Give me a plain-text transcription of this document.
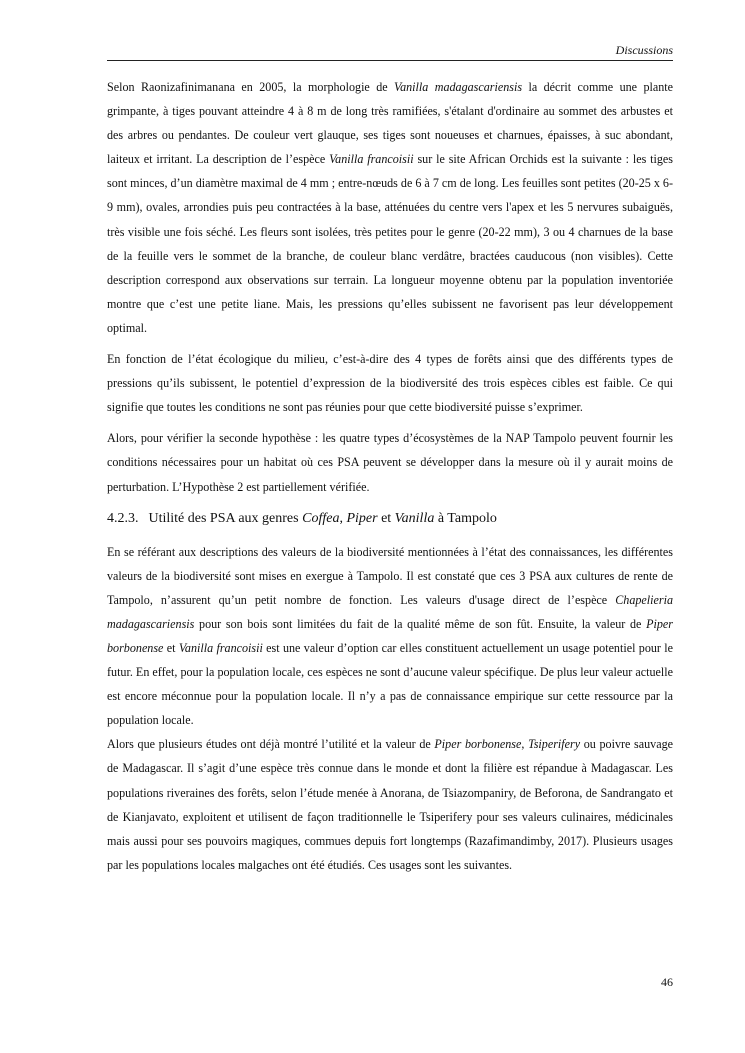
Discussions

Selon Raonizafinimanana en 2005, la morphologie de Vanilla madagascariensis la décrit comme une plante grimpante, à tiges pouvant atteindre 4 à 8 m de long très ramifiées, s'étalant d'ordinaire au sommet des arbustes et des arbres ou pendantes. De couleur vert glauque, ses tiges sont noueuses et charnues, épaisses, à suc abondant, laiteux et irritant. La description de l’espèce Vanilla francoisii sur le site African Orchids est la suivante : les tiges sont minces, d’un diamètre maximal de 4 mm ; entre-nœuds de 6 à 7 cm de long. Les feuilles sont petites (20-25 x 6-9 mm), ovales, arrondies puis peu contractées à la base, atténuées du centre vers l'apex et les 5 nervures subaiguës, très visible une fois séché. Les fleurs sont isolées, très petites pour le genre (20-22 mm), 3 ou 4 charnues de la base de la feuille vers le sommet de la branche, de couleur blanc verdâtre, bractées cauducous (non visibles). Cette description correspond aux observations sur terrain. La longueur moyenne obtenu par la population inventoriée montre que c’est une petite liane. Mais, les pressions qu’elles subissent ne favorisent pas leur développement optimal.

En fonction de l’état écologique du milieu, c’est-à-dire des 4 types de forêts ainsi que des différents types de pressions qu’ils subissent, le potentiel d’expression de la biodiversité des trois espèces cibles est faible. Ce qui signifie que toutes les conditions ne sont pas réunies pour que cette biodiversité puisse s’exprimer.

Alors, pour vérifier la seconde hypothèse : les quatre types d’écosystèmes de la NAP Tampolo peuvent fournir les conditions nécessaires pour un habitat où ces PSA peuvent se développer dans la mesure où il y aurait moins de perturbation. L’Hypothèse 2 est partiellement vérifiée.

4.2.3. Utilité des PSA aux genres Coffea, Piper et Vanilla à Tampolo

En se référant aux descriptions des valeurs de la biodiversité mentionnées à l’état des connaissances, les différentes valeurs de la biodiversité sont mises en exergue à Tampolo. Il est constaté que ces 3 PSA aux cultures de rente de Tampolo, n’assurent qu’un petit nombre de fonction. Les valeurs d'usage direct de l’espèce Chapelieria madagascariensis pour son bois sont limitées du fait de la qualité même de son fût. Ensuite, la valeur de Piper borbonense et Vanilla francoisii est une valeur d’option car elles constituent actuellement un usage potentiel pour le futur. En effet, pour la population locale, ces espèces ne sont d’aucune valeur spécifique. De plus leur valeur actuelle est encore méconnue pour la population locale. Il n’y a pas de connaissance empirique sur cette ressource par la population locale.

Alors que plusieurs études ont déjà montré l’utilité et la valeur de Piper borbonense, Tsiperifery ou poivre sauvage de Madagascar. Il s’agit d’une espèce très connue dans le monde et dont la filière est répandue à Madagascar. Les populations riveraines des forêts, selon l’étude menée à Anorana, de Tsiazompaniry, de Beforona, de Sandrangato et de Kianjavato, exploitent et utilisent de façon traditionnelle le Tsiperifery pour ses valeurs culinaires, médicinales mais aussi pour ses pouvoirs magiques, commues depuis fort longtemps (Razafimandimby, 2017). Plusieurs usages par les populations locales malgaches ont été étudiés. Ces usages sont les suivantes.

46
